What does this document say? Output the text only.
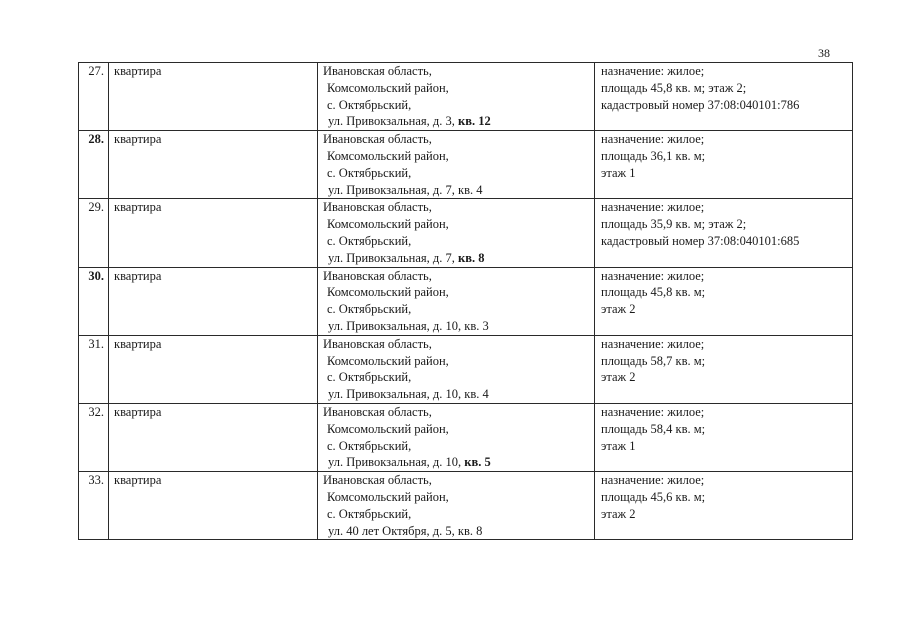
38
27.	квартира	Ивановская область,
Комсомольский район,
с. Октябрьский,
ул. Привокзальная, д. 3, кв. 12	назначение: жилое;
площадь 45,8 кв. м; этаж 2;
кадастровый номер 37:08:040101:786

28.	квартира	Ивановская область,
Комсомольский район,
с. Октябрьский,
ул. Привокзальная, д. 7, кв. 4	назначение: жилое;
площадь 36,1 кв. м;
этаж 1

29.	квартира	Ивановская область,
Комсомольский район,
с. Октябрьский,
ул. Привокзальная, д. 7, кв. 8	назначение: жилое;
площадь 35,9 кв. м; этаж 2;
кадастровый номер 37:08:040101:685

30.	квартира	Ивановская область,
Комсомольский район,
с. Октябрьский,
ул. Привокзальная, д. 10, кв. 3	назначение: жилое;
площадь 45,8 кв. м;
этаж 2

31.	квартира	Ивановская область,
Комсомольский район,
с. Октябрьский,
ул. Привокзальная, д. 10, кв. 4	назначение: жилое;
площадь 58,7 кв. м;
этаж 2

32.	квартира	Ивановская область,
Комсомольский район,
с. Октябрьский,
ул. Привокзальная, д. 10, кв. 5	назначение: жилое;
площадь 58,4 кв. м;
этаж 1

33.	квартира	Ивановская область,
Комсомольский район,
с. Октябрьский,
ул. 40 лет Октября, д. 5, кв. 8	назначение: жилое;
площадь 45,6 кв. м;
этаж 2
